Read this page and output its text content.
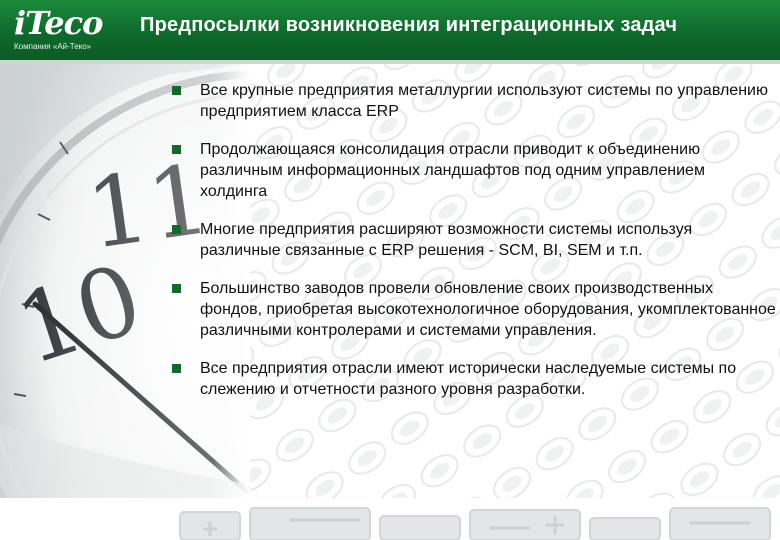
iTeco
Компания «Ай-Теко»
Предпосылки возникновения интеграционных задач
Все крупные предприятия металлургии используют системы по управлению предприятием класса ERP
Продолжающаяся консолидация отрасли приводит к объединению различным информационных ландшафтов под одним управлением холдинга
Многие предприятия расширяют возможности системы используя различные связанные с ERP решения - SCM, BI, SEM и т.п.
Большинство заводов провели обновление своих производственных фондов, приобретая высокотехнологичное оборудования, укомплектованное различными контролерами и системами управления.
Все предприятия отрасли имеют исторически наследуемые системы по слежению и отчетности разного уровня разработки.
